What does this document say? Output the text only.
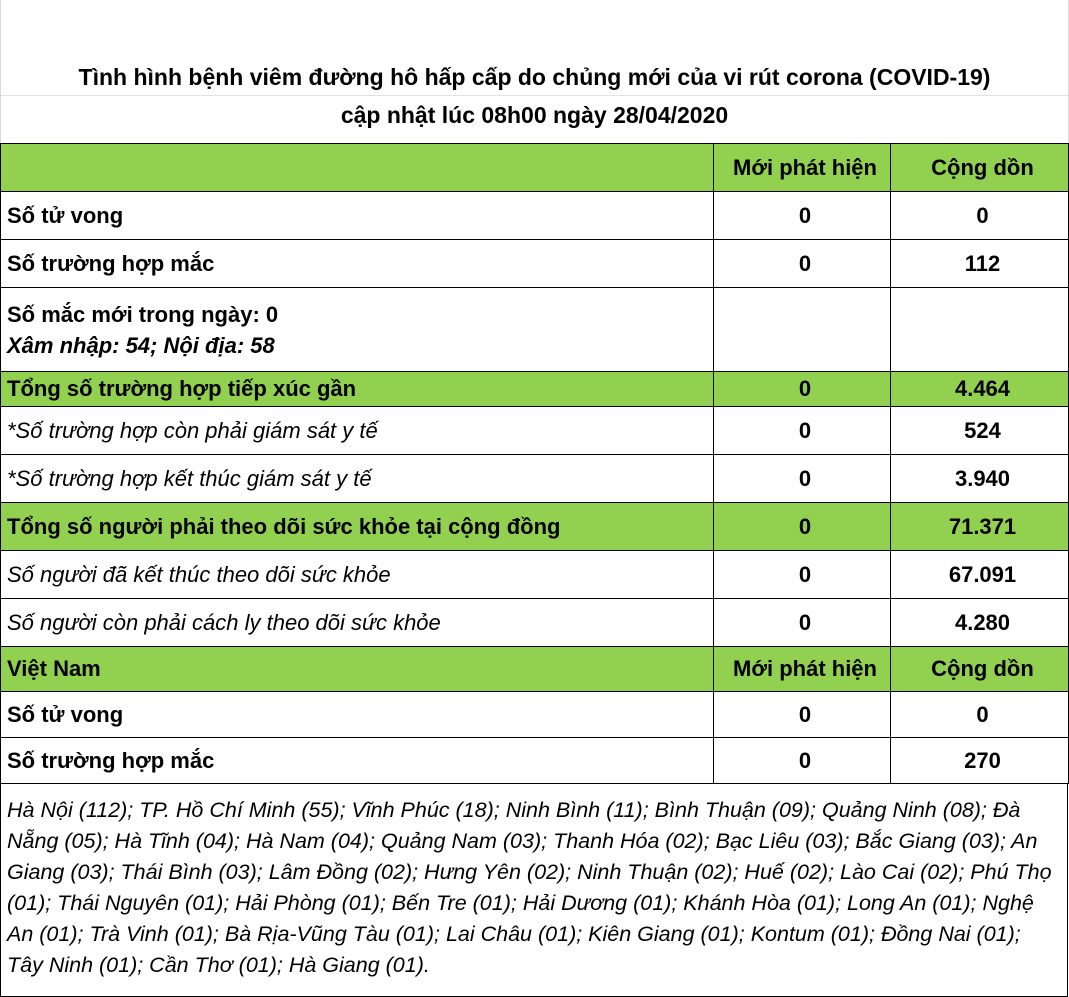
Tình hình bệnh viêm đường hô hấp cấp do chủng mới của vi rút corona (COVID-19)
cập nhật lúc 08h00 ngày 28/04/2020
	Mới phát hiện	Cộng dồn
Số tử vong	0	0
Số trường hợp mắc	0	112

Số mắc mới trong ngày: 0
Xâm nhập: 54; Nội địa: 58		

Tổng số trường hợp tiếp xúc gần	0	4.464
*Số trường hợp còn phải giám sát y tế	0	524
*Số trường hợp kết thúc giám sát y tế	0	3.940
Tổng số người phải theo dõi sức khỏe tại cộng đồng	0	71.371
Số người đã kết thúc theo dõi sức khỏe	0	67.091
Số người còn phải cách ly theo dõi sức khỏe	0	4.280
Việt Nam	Mới phát hiện	Cộng dồn
Số tử vong	0	0
Số trường hợp mắc	0	270
Hà Nội (112); TP. Hồ Chí Minh (55); Vĩnh Phúc (18); Ninh Bình (11); Bình Thuận (09); Quảng Ninh (08); Đà Nẵng (05); Hà Tĩnh (04); Hà Nam (04); Quảng Nam (03); Thanh Hóa (02); Bạc Liêu (03); Bắc Giang (03); An Giang (03); Thái Bình (03); Lâm Đồng (02); Hưng Yên (02); Ninh Thuận (02); Huế (02); Lào Cai (02); Phú Thọ (01); Thái Nguyên (01); Hải Phòng (01); Bến Tre (01); Hải Dương (01); Khánh Hòa (01); Long An (01); Nghệ An (01); Trà Vinh (01); Bà Rịa-Vũng Tàu (01); Lai Châu (01); Kiên Giang (01); Kontum (01); Đồng Nai (01); Tây Ninh (01); Cần Thơ (01); Hà Giang (01).
